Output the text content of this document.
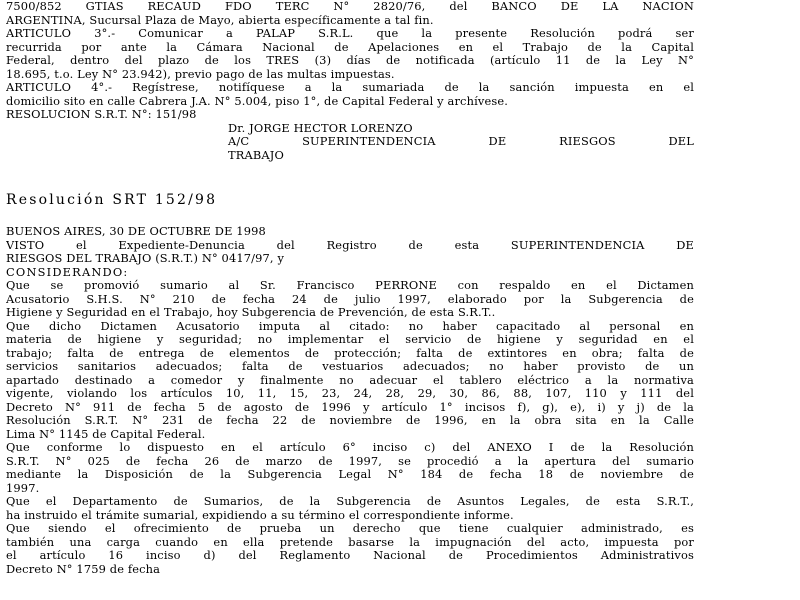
7500/852 GTIAS RECAUD FDO TERC N° 2820/76, del BANCO DE LA NACION
ARGENTINA, Sucursal Plaza de Mayo, abierta específicamente a tal fin.
ARTICULO 3°.- Comunicar a PALAP S.R.L. que la presente Resolución podrá ser
recurrida por ante la Cámara Nacional de Apelaciones en el Trabajo de la Capital
Federal, dentro del plazo de los TRES (3) días de notificada (artículo 11 de la Ley N°
18.695, t.o. Ley N° 23.942), previo pago de las multas impuestas.
ARTICULO 4°.- Regístrese, notifíquese a la sumariada de la sanción impuesta en el
domicilio sito en calle Cabrera J.A. N° 5.004, piso 1°, de Capital Federal y archívese.
RESOLUCION S.R.T. N°: 151/98
Dr. JORGE HECTOR LORENZO
A/C SUPERINTENDENCIA DE RIESGOS DEL
TRABAJO
Resolución SRT 152/98
BUENOS AIRES, 30 DE OCTUBRE DE 1998
VISTO el Expediente-Denuncia del Registro de esta SUPERINTENDENCIA DE
RIESGOS DEL TRABAJO (S.R.T.) N° 0417/97, y
CONSIDERANDO:
Que se promovió sumario al Sr. Francisco PERRONE con respaldo en el Dictamen
Acusatorio S.H.S. N° 210 de fecha 24 de julio 1997, elaborado por la Subgerencia de
Higiene y Seguridad en el Trabajo, hoy Subgerencia de Prevención, de esta S.R.T..
Que dicho Dictamen Acusatorio imputa al citado: no haber capacitado al personal en
materia de higiene y seguridad; no implementar el servicio de higiene y seguridad en el
trabajo; falta de entrega de elementos de protección; falta de extintores en obra; falta de
servicios sanitarios adecuados; falta de vestuarios adecuados; no haber provisto de un
apartado destinado a comedor y finalmente no adecuar el tablero eléctrico a la normativa
vigente, violando los artículos 10, 11, 15, 23, 24, 28, 29, 30, 86, 88, 107, 110 y 111 del
Decreto N° 911 de fecha 5 de agosto de 1996 y artículo 1° incisos f), g), e), i) y j) de la
Resolución S.R.T. N° 231 de fecha 22 de noviembre de 1996, en la obra sita en la Calle
Lima N° 1145 de Capital Federal.
Que conforme lo dispuesto en el artículo 6° inciso c) del ANEXO I de la Resolución
S.R.T. N° 025 de fecha 26 de marzo de 1997, se procedió a la apertura del sumario
mediante la Disposición de la Subgerencia Legal N° 184 de fecha 18 de noviembre de
1997.
Que el Departamento de Sumarios, de la Subgerencia de Asuntos Legales, de esta S.R.T.,
ha instruido el trámite sumarial, expidiendo a su término el correspondiente informe.
Que siendo el ofrecimiento de prueba un derecho que tiene cualquier administrado, es
también una carga cuando en ella pretende basarse la impugnación del acto, impuesta por
el artículo 16 inciso d) del Reglamento Nacional de Procedimientos Administrativos
Decreto N° 1759 de fecha
